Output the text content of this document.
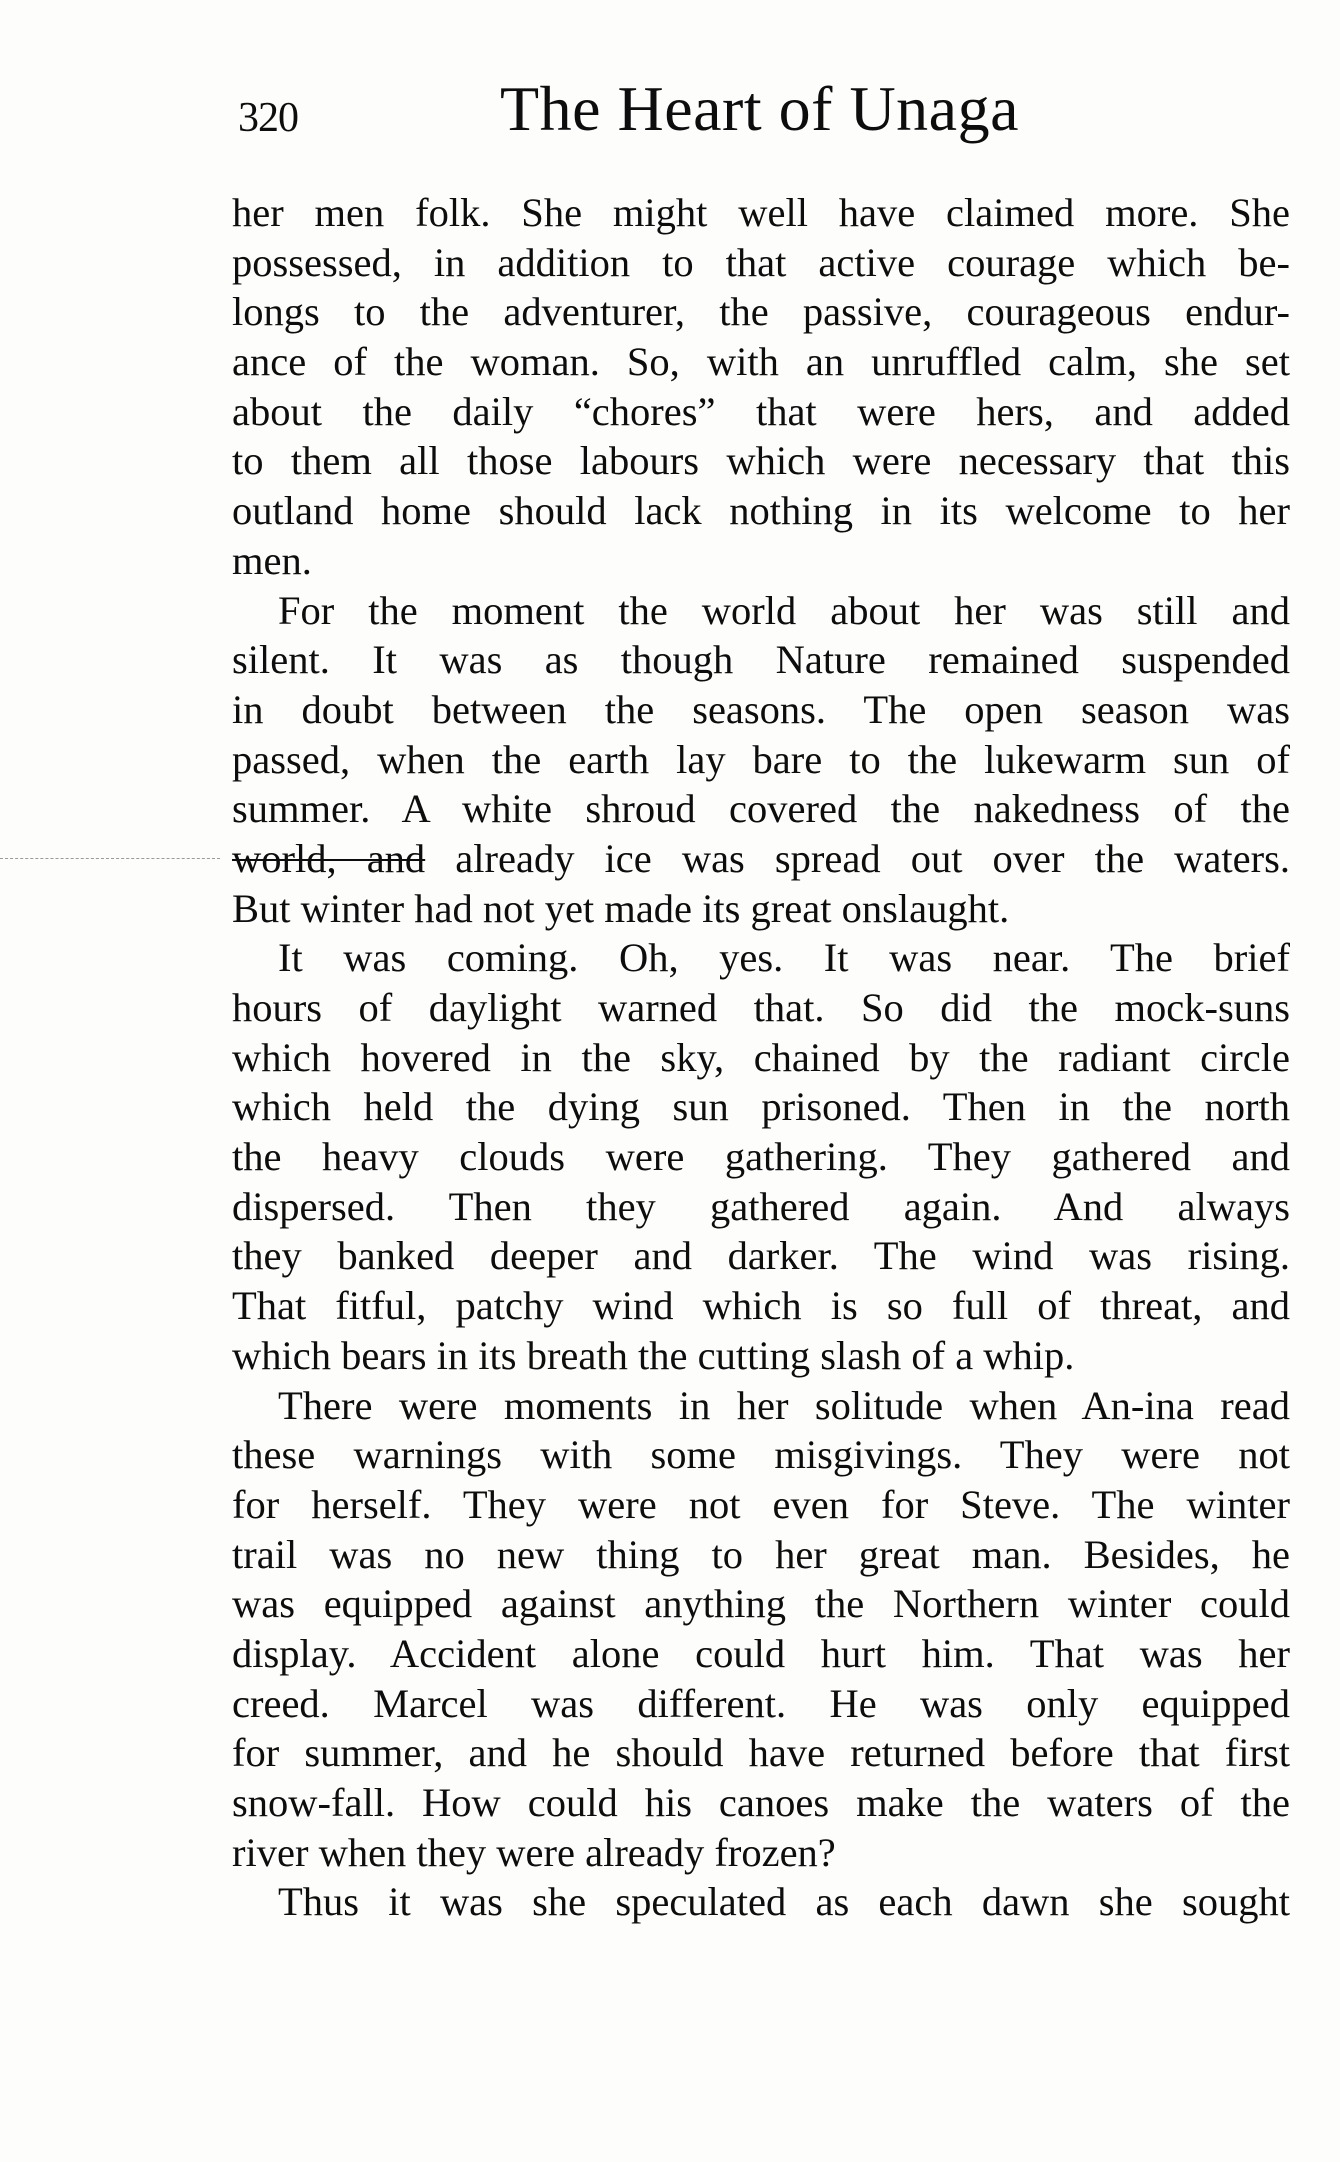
320	The Heart of Unaga
her men folk. She might well have claimed more. She
possessed, in addition to that active courage which be-
longs to the adventurer, the passive, courageous endur-
ance of the woman. So, with an unruffled calm, she set
about the daily “chores” that were hers, and added
to them all those labours which were necessary that this
outland home should lack nothing in its welcome to her
men.
For the moment the world about her was still and
silent. It was as though Nature remained suspended
in doubt between the seasons. The open season was
passed, when the earth lay bare to the lukewarm sun of
summer. A white shroud covered the nakedness of the
world, and already ice was spread out over the waters.
But winter had not yet made its great onslaught.
It was coming. Oh, yes. It was near. The brief
hours of daylight warned that. So did the mock-suns
which hovered in the sky, chained by the radiant circle
which held the dying sun prisoned. Then in the north
the heavy clouds were gathering. They gathered and
dispersed. Then they gathered again. And always
they banked deeper and darker. The wind was rising.
That fitful, patchy wind which is so full of threat, and
which bears in its breath the cutting slash of a whip.
There were moments in her solitude when An-ina read
these warnings with some misgivings. They were not
for herself. They were not even for Steve. The winter
trail was no new thing to her great man. Besides, he
was equipped against anything the Northern winter could
display. Accident alone could hurt him. That was her
creed. Marcel was different. He was only equipped
for summer, and he should have returned before that first
snow-fall. How could his canoes make the waters of the
river when they were already frozen?
Thus it was she speculated as each dawn she sought
